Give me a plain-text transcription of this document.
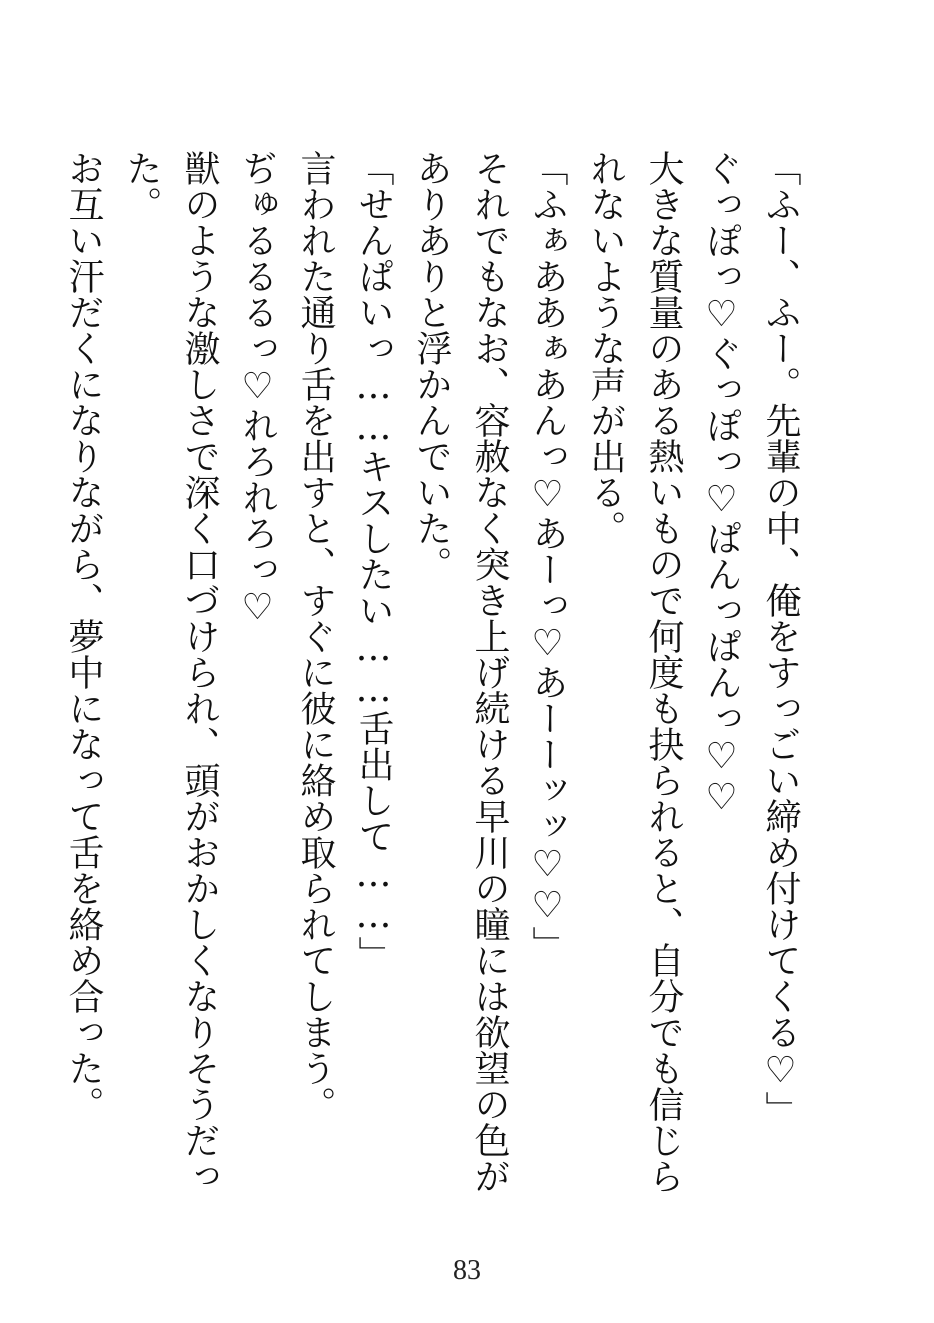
「ふー、ふー。先輩の中、俺をすっごい締め付けてくる♡」
ぐっぽっ♡ぐっぽっ♡ぱんっぱんっ♡♡
大きな質量のある熱いもので何度も抉られると、自分でも信じら
れないような声が出る。
「ふぁああぁあんっ♡あーっ♡あーーッッ♡♡」
それでもなお、容赦なく突き上げ続ける早川の瞳には欲望の色が
ありありと浮かんでいた。
「せんぱいっ……キスしたい……舌出して……」
言われた通り舌を出すと、すぐに彼に絡め取られてしまう。
ぢゅるるるっ♡れろれろっ♡
獣のような激しさで深く口づけられ、頭がおかしくなりそうだっ
た。
お互い汗だくになりながら、夢中になって舌を絡め合った。
83
